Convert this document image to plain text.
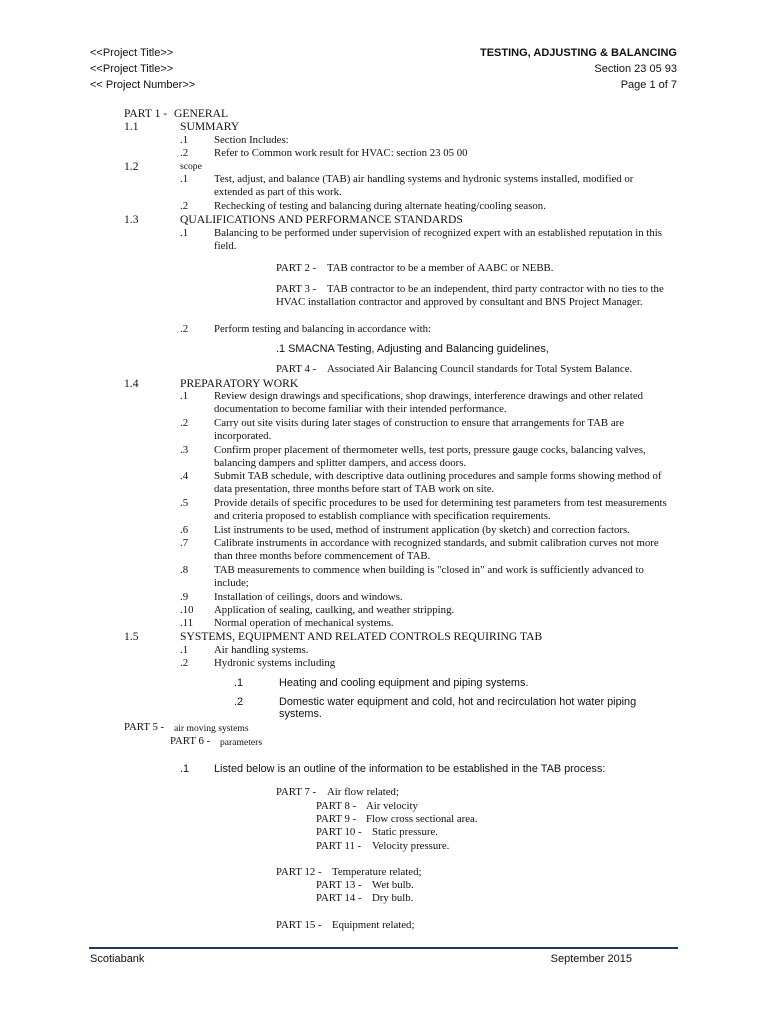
<<Project Title>>
<<Project Title>>
<< Project Number>>
TESTING, ADJUSTING & BALANCING
Section 23 05 93
Page 1 of 7
PART 1 - GENERAL
1.1	SUMMARY
.1 Section Includes:
.2 Refer to Common work result for HVAC: section 23 05 00
1.2	scope
.1 Test, adjust, and balance (TAB) air handling systems and hydronic systems installed, modified or extended as part of this work.
.2 Rechecking of testing and balancing during alternate heating/cooling season.
1.3	QUALIFICATIONS AND PERFORMANCE STANDARDS
.1 Balancing to be performed under supervision of recognized expert with an established reputation in this field.
PART 2 - TAB contractor to be a member of AABC or NEBB.
PART 3 -	TAB contractor to be an independent, third party contractor with no ties to the HVAC installation contractor and approved by consultant and BNS Project Manager.
.2 Perform testing and balancing in accordance with:
.1 SMACNA Testing, Adjusting and Balancing guidelines,
PART 4 - Associated Air Balancing Council standards for Total System Balance.
1.4	PREPARATORY WORK
.1 Review design drawings and specifications, shop drawings, interference drawings and other related documentation to become familiar with their intended performance.
.2 Carry out site visits during later stages of construction to ensure that arrangements for TAB are incorporated.
.3 Confirm proper placement of thermometer wells, test ports, pressure gauge cocks, balancing valves, balancing dampers and splitter dampers, and access doors.
.4 Submit TAB schedule, with descriptive data outlining procedures and sample forms showing method of data presentation, three months before start of TAB work on site.
.5 Provide details of specific procedures to be used for determining test parameters from test measurements and criteria proposed to establish compliance with specification requirements.
.6 List instruments to be used, method of instrument application (by sketch) and correction factors.
.7 Calibrate instruments in accordance with recognized standards, and submit calibration curves not more than three months before commencement of TAB.
.8 TAB measurements to commence when building is "closed in" and work is sufficiently advanced to include;
.9 Installation of ceilings, doors and windows.
.10 Application of sealing, caulking, and weather stripping.
.11 Normal operation of mechanical systems.
1.5	SYSTEMS, EQUIPMENT AND RELATED CONTROLS REQUIRING TAB
.1 Air handling systems.
.2 Hydronic systems including
.1	Heating and cooling equipment and piping systems.
.2	Domestic water equipment and cold, hot and recirculation hot water piping systems.
PART 5 - air moving systems
PART 6 - parameters
.1 Listed below is an outline of the information to be established in the TAB process:
PART 7 - Air flow related;
PART 8 - Air velocity
PART 9 - Flow cross sectional area.
PART 10 - Static pressure.
PART 11 - Velocity pressure.
PART 12 - Temperature related;
PART 13 - Wet bulb.
PART 14 - Dry bulb.
PART 15 - Equipment related;
Scotiabank	September 2015
